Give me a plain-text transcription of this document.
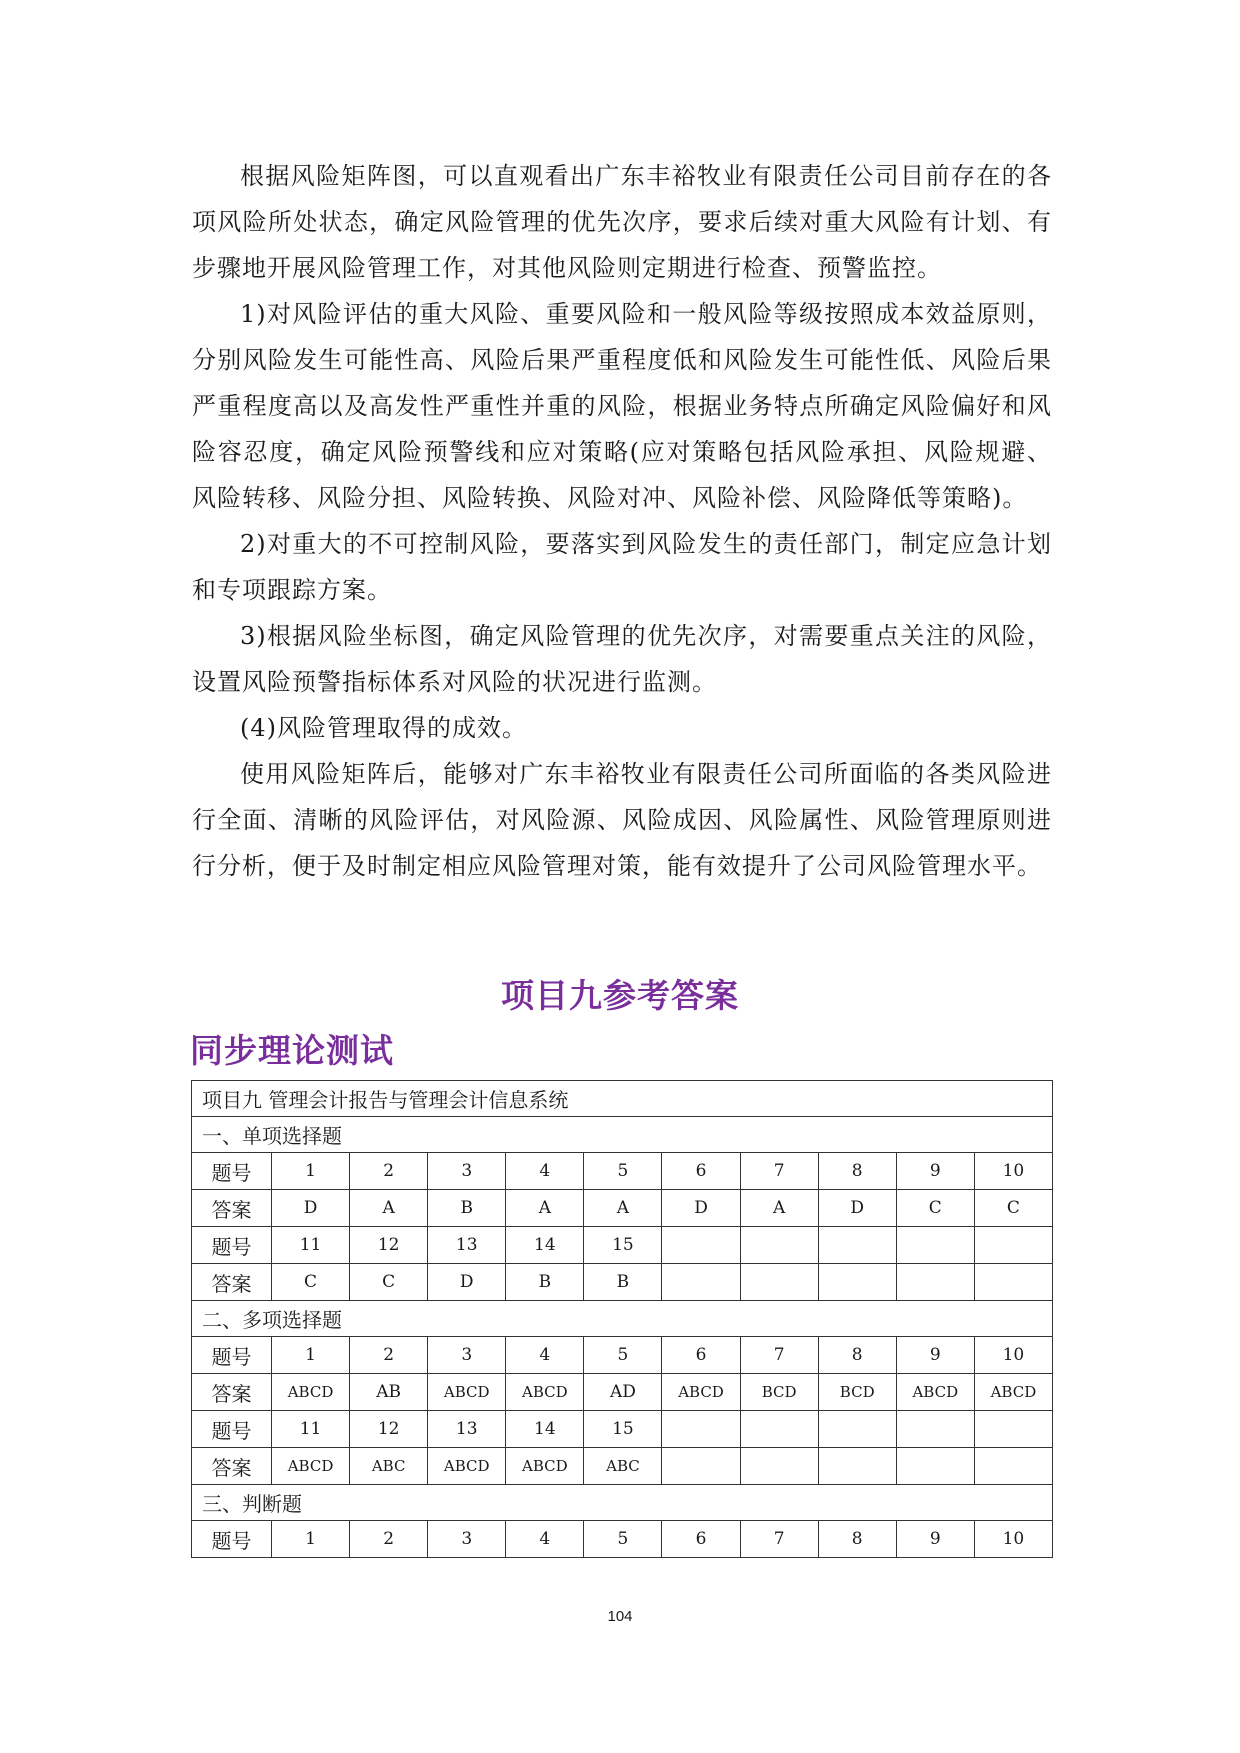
根据风险矩阵图，可以直观看出广东丰裕牧业有限责任公司目前存在的各项风险所处状态，确定风险管理的优先次序，要求后续对重大风险有计划、有步骤地开展风险管理工作，对其他风险则定期进行检查、预警监控。

1)对风险评估的重大风险、重要风险和一般风险等级按照成本效益原则，分别风险发生可能性高、风险后果严重程度低和风险发生可能性低、风险后果严重程度高以及高发性严重性并重的风险，根据业务特点所确定风险偏好和风险容忍度，确定风险预警线和应对策略(应对策略包括风险承担、风险规避、风险转移、风险分担、风险转换、风险对冲、风险补偿、风险降低等策略)。

2)对重大的不可控制风险，要落实到风险发生的责任部门，制定应急计划和专项跟踪方案。

3)根据风险坐标图，确定风险管理的优先次序，对需要重点关注的风险，设置风险预警指标体系对风险的状况进行监测。

(4)风险管理取得的成效。

使用风险矩阵后，能够对广东丰裕牧业有限责任公司所面临的各类风险进行全面、清晰的风险评估，对风险源、风险成因、风险属性、风险管理原则进行分析，便于及时制定相应风险管理对策，能有效提升了公司风险管理水平。

项目九参考答案
同步理论测试
项目九 管理会计报告与管理会计信息系统										
一、单项选择题										
题号	1	2	3	4	5	6	7	8	9	10
答案	D	A	B	A	A	D	A	D	C	C
题号	11	12	13	14	15					
答案	C	C	D	B	B					
二、多项选择题										
题号	1	2	3	4	5	6	7	8	9	10
答案	ABCD	AB	ABCD	ABCD	AD	ABCD	BCD	BCD	ABCD	ABCD
题号	11	12	13	14	15					
答案	ABCD	ABC	ABCD	ABCD	ABC					
三、判断题										
题号	1	2	3	4	5	6	7	8	9	10
104
